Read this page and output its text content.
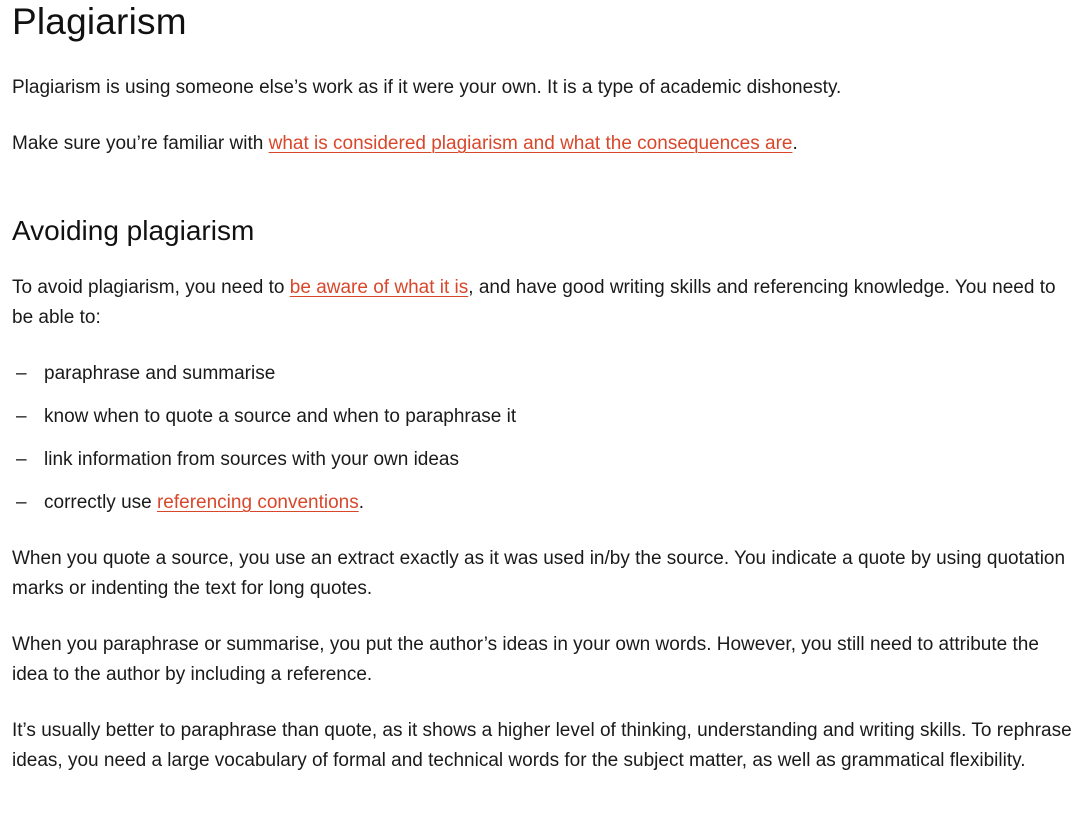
Plagiarism

Plagiarism is using someone else’s work as if it were your own. It is a type of academic dishonesty.

Make sure you’re familiar with what is considered plagiarism and what the consequences are.

Avoiding plagiarism

To avoid plagiarism, you need to be aware of what it is, and have good writing skills and referencing knowledge. You need to be able to:

– paraphrase and summarise
– know when to quote a source and when to paraphrase it
– link information from sources with your own ideas
– correctly use referencing conventions.

When you quote a source, you use an extract exactly as it was used in/by the source. You indicate a quote by using quotation marks or indenting the text for long quotes.

When you paraphrase or summarise, you put the author’s ideas in your own words. However, you still need to attribute the idea to the author by including a reference.

It’s usually better to paraphrase than quote, as it shows a higher level of thinking, understanding and writing skills. To rephrase ideas, you need a large vocabulary of formal and technical words for the subject matter, as well as grammatical flexibility.
